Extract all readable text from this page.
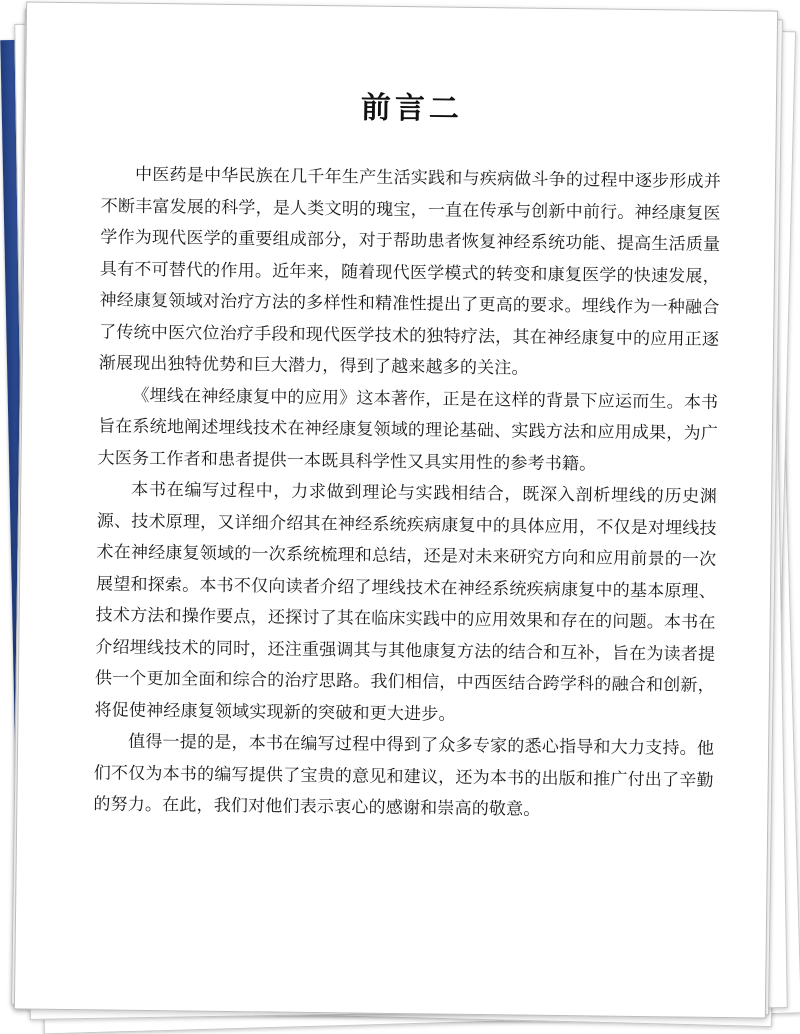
前言二

中医药是中华民族在几千年生产生活实践和与疾病做斗争的过程中逐步形成并不断丰富发展的科学，是人类文明的瑰宝，一直在传承与创新中前行。神经康复医学作为现代医学的重要组成部分，对于帮助患者恢复神经系统功能、提高生活质量具有不可替代的作用。近年来，随着现代医学模式的转变和康复医学的快速发展，神经康复领域对治疗方法的多样性和精准性提出了更高的要求。埋线作为一种融合了传统中医穴位治疗手段和现代医学技术的独特疗法，其在神经康复中的应用正逐渐展现出独特优势和巨大潜力，得到了越来越多的关注。

《埋线在神经康复中的应用》这本著作，正是在这样的背景下应运而生。本书旨在系统地阐述埋线技术在神经康复领域的理论基础、实践方法和应用成果，为广大医务工作者和患者提供一本既具科学性又具实用性的参考书籍。

本书在编写过程中，力求做到理论与实践相结合，既深入剖析埋线的历史渊源、技术原理，又详细介绍其在神经系统疾病康复中的具体应用，不仅是对埋线技术在神经康复领域的一次系统梳理和总结，还是对未来研究方向和应用前景的一次展望和探索。本书不仅向读者介绍了埋线技术在神经系统疾病康复中的基本原理、技术方法和操作要点，还探讨了其在临床实践中的应用效果和存在的问题。本书在介绍埋线技术的同时，还注重强调其与其他康复方法的结合和互补，旨在为读者提供一个更加全面和综合的治疗思路。我们相信，中西医结合跨学科的融合和创新，将促使神经康复领域实现新的突破和更大进步。

值得一提的是，本书在编写过程中得到了众多专家的悉心指导和大力支持。他们不仅为本书的编写提供了宝贵的意见和建议，还为本书的出版和推广付出了辛勤的努力。在此，我们对他们表示衷心的感谢和崇高的敬意。
